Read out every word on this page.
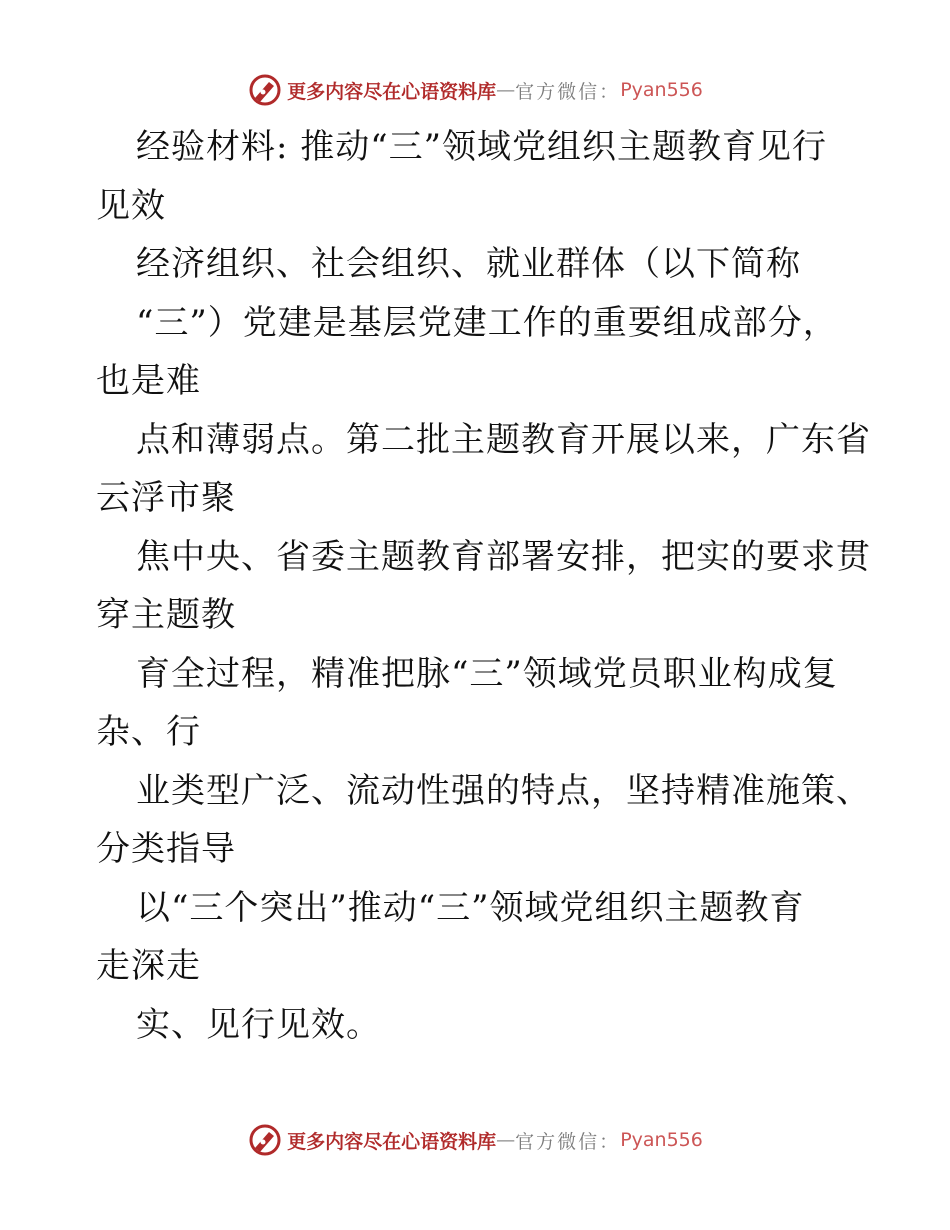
更多内容尽在心语资料库 — 官方微信： Pyan556
经验材料: 推动“三”领域党组织主题教育见行
见效
经济组织、社会组织、就业群体（以下简称
“三”）党建是基层党建工作的重要组成部分，
也是难
点和薄弱点。第二批主题教育开展以来，广东省
云浮市聚
焦中央、省委主题教育部署安排，把实的要求贯
穿主题教
育全过程，精准把脉“三”领域党员职业构成复
杂、行
业类型广泛、流动性强的特点，坚持精准施策、
分类指导
以“三个突出”推动“三”领域党组织主题教育
走深走
实、见行见效。
更多内容尽在心语资料库 — 官方微信： Pyan556
